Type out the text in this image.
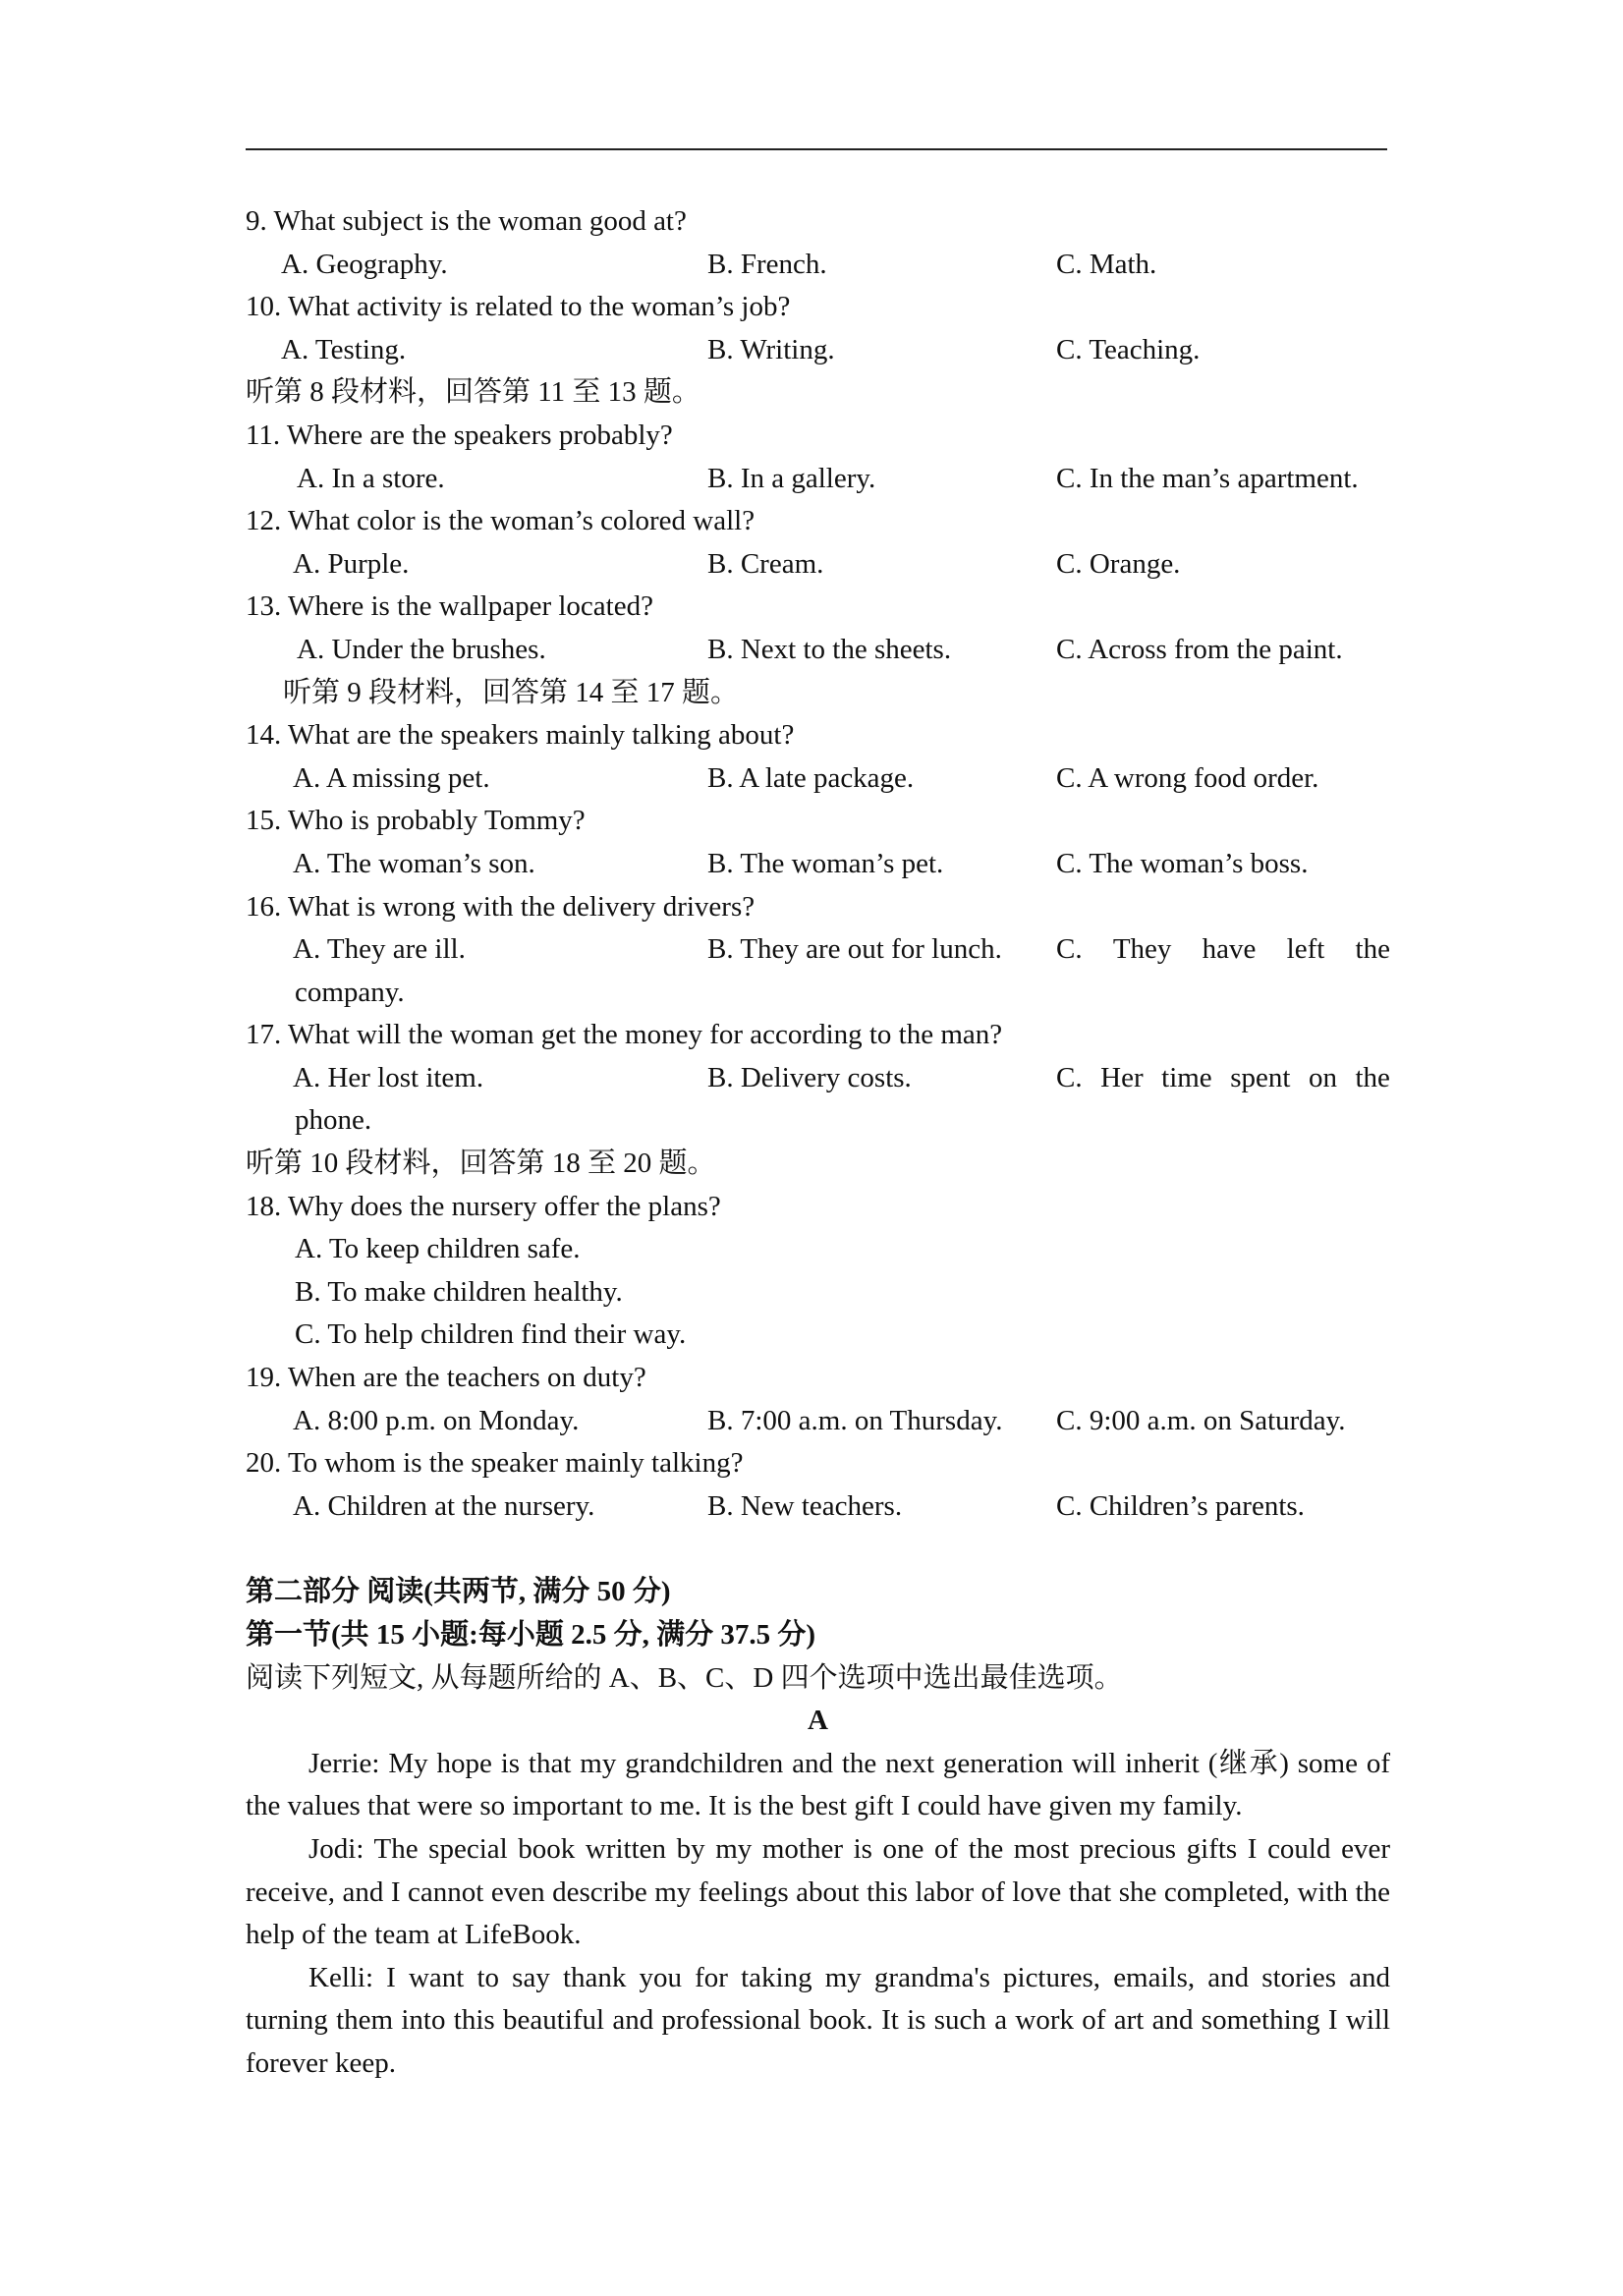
9. What subject is the woman good at?

A. Geography.	B. French.	C. Math.

10. What activity is related to the woman’s job?

A. Testing.	B. Writing.	C. Teaching.

听第 8 段材料，回答第 11 至 13 题。

11. Where are the speakers probably?

A. In a store.	B. In a gallery.	C. In the man’s apartment.

12. What color is the woman’s colored wall?

A. Purple.	B. Cream.	C. Orange.

13. Where is the wallpaper located?

A. Under the brushes.	B. Next to the sheets.	C. Across from the paint.

听第 9 段材料，回答第 14 至 17 题。

14. What are the speakers mainly talking about?

A. A missing pet.	B. A late package.	C. A wrong food order.

15. Who is probably Tommy?

A. The woman’s son.	B. The woman’s pet.	C. The woman’s boss.

16. What is wrong with the delivery drivers?

A. They are ill.	B. They are out for lunch. C. They have left the

company.

17. What will the woman get the money for according to the man?

A. Her lost item.	B. Delivery costs.	C. Her time spent on the

phone.

听第 10 段材料，回答第 18 至 20 题。

18. Why does the nursery offer the plans?

A. To keep children safe.

B. To make children healthy.

C. To help children find their way.

19. When are the teachers on duty?

A. 8:00 p.m. on Monday.	B. 7:00 a.m. on Thursday. C. 9:00 a.m. on Saturday.

20. To whom is the speaker mainly talking?

A. Children at the nursery.	B. New teachers.	C. Children’s parents.

第二部分 阅读(共两节, 满分 50 分)

第一节(共 15 小题:每小题 2.5 分, 满分 37.5 分)

阅读下列短文, 从每题所给的 A、B、C、D 四个选项中选出最佳选项。

A

Jerrie: My hope is that my grandchildren and the next generation will inherit (继承) some of the values that were so important to me. It is the best gift I could have given my family.

Jodi: The special book written by my mother is one of the most precious gifts I could ever receive, and I cannot even describe my feelings about this labor of love that she completed, with the help of the team at LifeBook.

Kelli: I want to say thank you for taking my grandma's pictures, emails, and stories and turning them into this beautiful and professional book. It is such a work of art and something I will forever keep.
